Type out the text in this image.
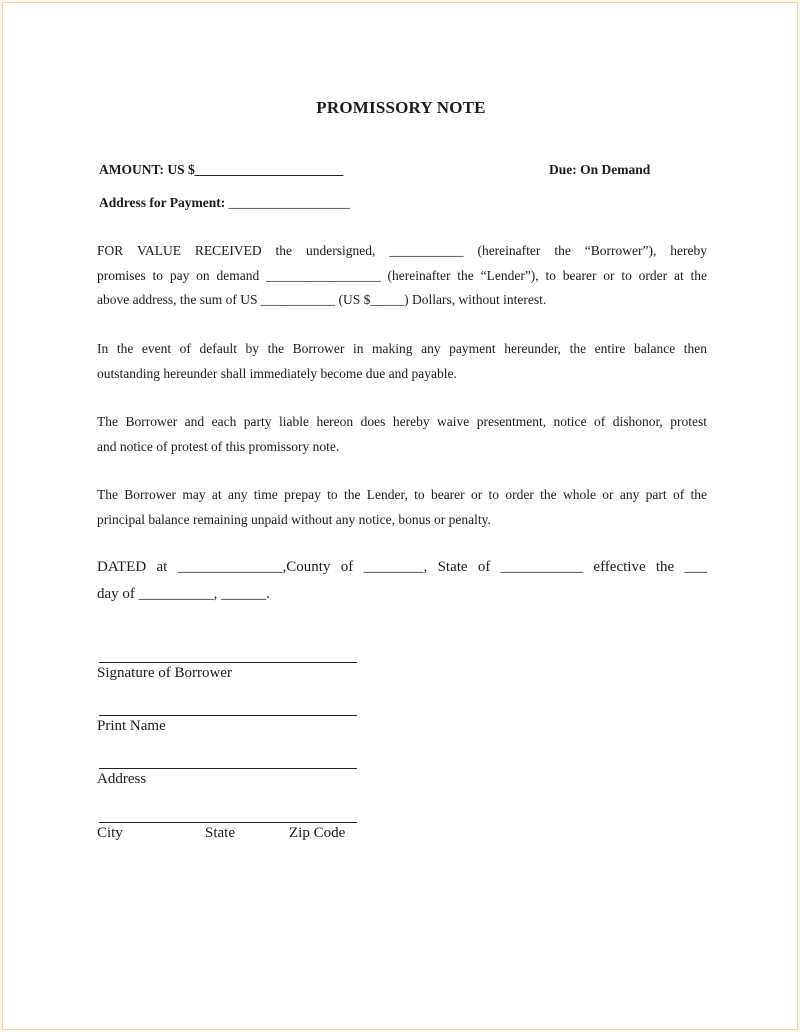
PROMISSORY NOTE
AMOUNT: US $______________________	Due: On Demand
Address for Payment: __________________
FOR VALUE RECEIVED the undersigned, ___________ (hereinafter the “Borrower”), hereby
promises to pay on demand _________________ (hereinafter the “Lender”), to bearer or to order at the
above address, the sum of US ___________ (US $_____) Dollars, without interest.
In the event of default by the Borrower in making any payment hereunder, the entire balance then
outstanding hereunder shall immediately become due and payable.
The Borrower and each party liable hereon does hereby waive presentment, notice of dishonor, protest
and notice of protest of this promissory note.
The Borrower may at any time prepay to the Lender, to bearer or to order the whole or any part of the
principal balance remaining unpaid without any notice, bonus or penalty.
DATED at ______________,County of ________, State of ___________ effective the ___
day of __________, ______.
Signature of Borrower
Print Name
Address
City	State	Zip Code
